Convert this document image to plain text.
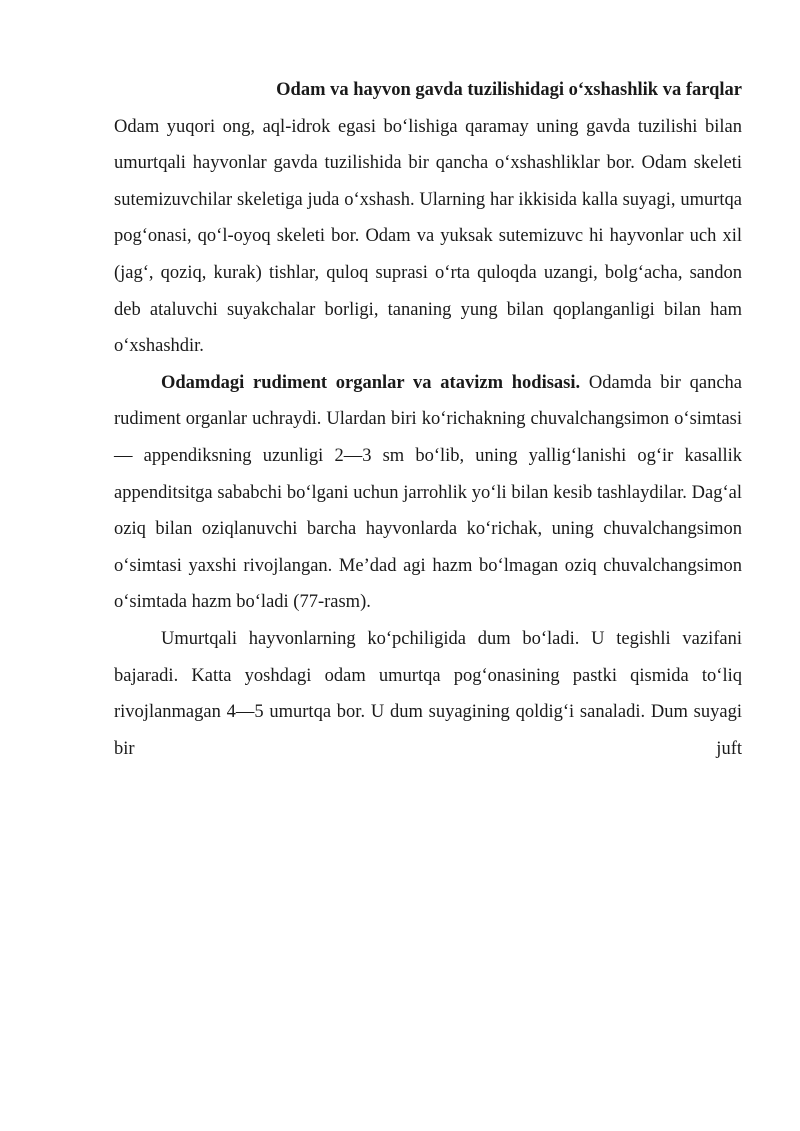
Odam va hayvon gavda tuzilishidagi o‘xshashlik va farqlar

Odam yuqori ong, aql-idrok egasi bo‘lishiga qaramay uning gavda tuzilishi bilan umurtqali hayvonlar gavda tuzilishida bir qancha o‘xshashliklar bor. Odam skeleti sutemizuvchilar skeletiga juda o‘xshash. Ularning har ikkisida kalla suyagi, umurtqa pog‘onasi, qo‘l-oyoq skeleti bor. Odam va yuksak sutemizuvc hi hayvonlar uch xil (jag‘, qoziq, kurak) tishlar, quloq suprasi o‘rta quloqda uzangi, bolg‘acha, sandon deb ataluvchi suyakchalar borligi, tananing yung bilan qoplanganligi bilan ham o‘xshashdir.

Odamdagi rudiment organlar va atavizm hodisasi. Odamda bir qancha rudiment organlar uchraydi. Ulardan biri ko‘richakning chuvalchangsimon o‘simtasi — appendiksning uzunligi 2—3 sm bo‘lib, uning yallig‘lanishi og‘ir kasallik appenditsitga sababchi bo‘lgani uchun jarrohlik yo‘li bilan kesib tashlaydilar. Dag‘al oziq bilan oziqlanuvchi barcha hayvonlarda ko‘richak, uning chuvalchangsimon o‘simtasi yaxshi rivojlangan. Me’dad agi hazm bo‘lmagan oziq chuvalchangsimon o‘simtada hazm bo‘ladi (77-rasm).

Umurtqali hayvonlarning ko‘pchiligida dum bo‘ladi. U tegishli vazifani bajaradi. Katta yoshdagi odam umurtqa pog‘onasining pastki qismida to‘liq rivojlanmagan 4—5 umurtqa bor. U dum suyagining qoldig‘i sanaladi. Dum suyagi bir juft
